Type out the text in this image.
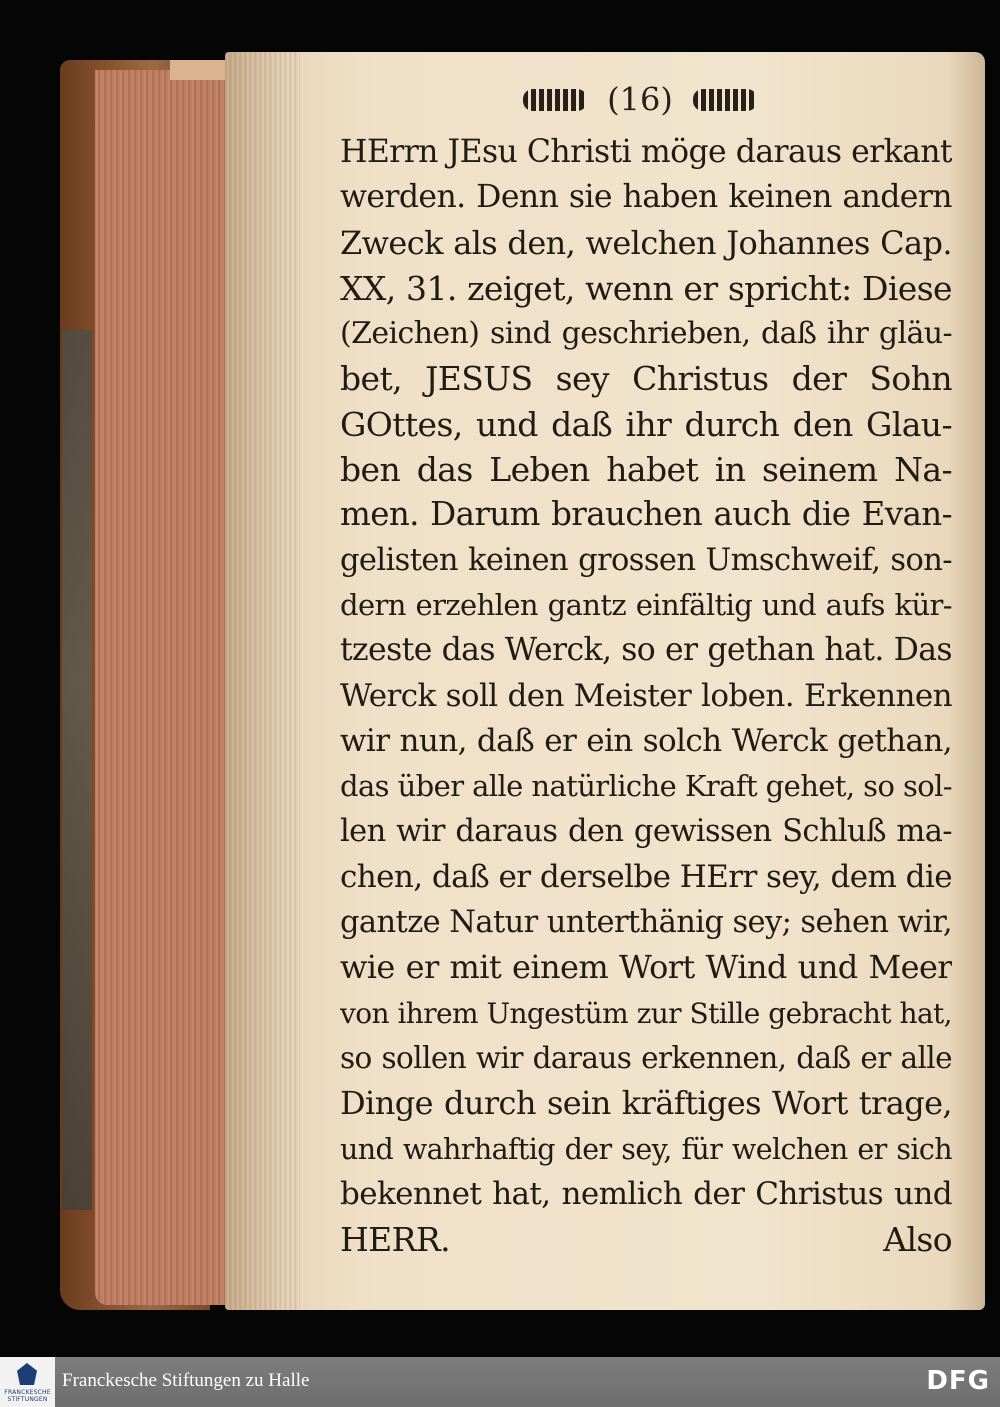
(16)
HErrn JEsu Christi möge daraus erkant
werden. Denn sie haben keinen andern
Zweck als den, welchen Johannes Cap.
XX, 31. zeiget, wenn er spricht: Diese
(Zeichen) sind geschrieben, daß ihr gläu-
bet, JESUS sey Christus der Sohn
GOttes, und daß ihr durch den Glau-
ben das Leben habet in seinem Na-
men. Darum brauchen auch die Evan-
gelisten keinen grossen Umschweif, son-
dern erzehlen gantz einfältig und aufs kür-
tzeste das Werck, so er gethan hat. Das
Werck soll den Meister loben. Erkennen
wir nun, daß er ein solch Werck gethan,
das über alle natürliche Kraft gehet, so sol-
len wir daraus den gewissen Schluß ma-
chen, daß er derselbe HErr sey, dem die
gantze Natur unterthänig sey; sehen wir,
wie er mit einem Wort Wind und Meer
von ihrem Ungestüm zur Stille gebracht hat,
so sollen wir daraus erkennen, daß er alle
Dinge durch sein kräftiges Wort trage,
und wahrhaftig der sey, für welchen er sich
bekennet hat, nemlich der Christus und
HERR. Also
FRANCKESCHE STIFTUNGEN
Franckesche Stiftungen zu Halle	DFG
